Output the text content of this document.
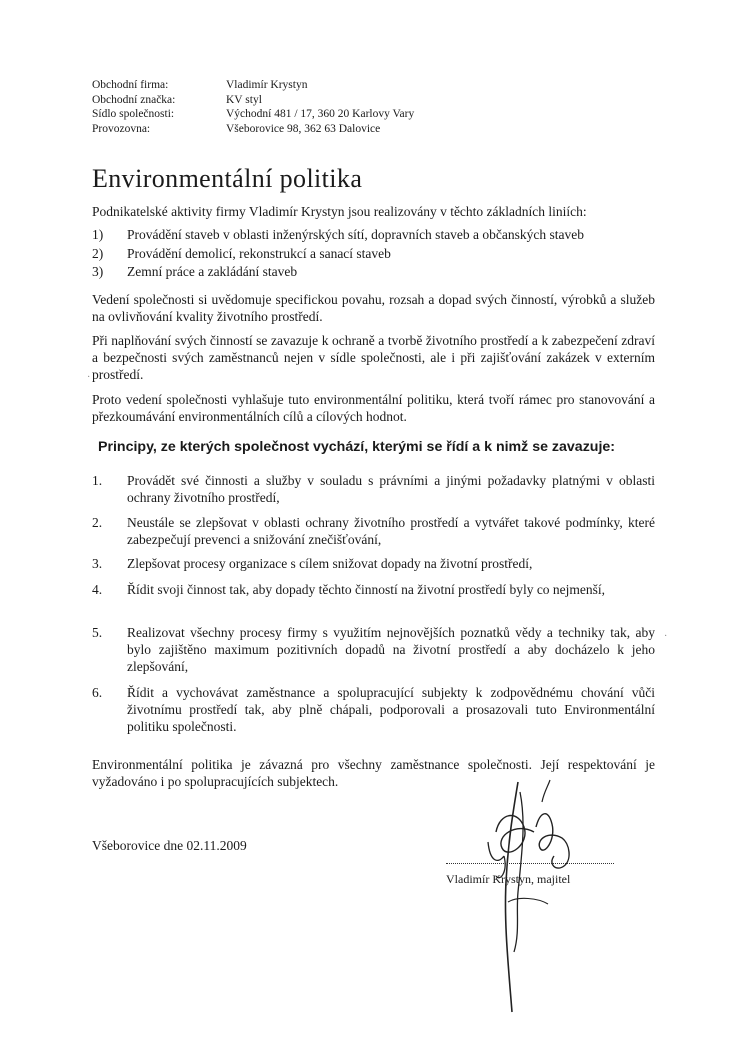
Obchodní firma:	Vladimír Krystyn
Obchodní značka:	KV styl
Sídlo společnosti:	Východní 481 / 17, 360 20 Karlovy Vary
Provozovna:	Všeborovice 98, 362 63 Dalovice
Environmentální politika

Podnikatelské aktivity firmy Vladimír Krystyn jsou realizovány v těchto základních liniích:

1)	Provádění staveb v oblasti inženýrských sítí, dopravních staveb a občanských staveb
2)	Provádění demolicí, rekonstrukcí a sanací staveb
3)	Zemní práce a zakládání staveb

Vedení společnosti si uvědomuje specifickou povahu, rozsah a dopad svých činností, výrobků a služeb na ovlivňování kvality životního prostředí.

Při naplňování svých činností se zavazuje k ochraně a tvorbě životního prostředí a k zabezpečení zdraví a bezpečnosti svých zaměstnanců nejen v sídle společnosti, ale i při zajišťování zakázek v externím prostředí.

Proto vedení společnosti vyhlašuje tuto environmentální politiku, která tvoří rámec pro stanovování a přezkoumávání environmentálních cílů a cílových hodnot.

Principy, ze kterých společnost vychází, kterými se řídí a k nimž se zavazuje:
1.	Provádět své činnosti a služby v souladu s právními a jinými požadavky platnými v oblasti ochrany životního prostředí,
2.	Neustále se zlepšovat v oblasti ochrany životního prostředí a vytvářet takové podmínky, které zabezpečují prevenci a snižování znečišťování,
3.	Zlepšovat procesy organizace s cílem snižovat dopady na životní prostředí,
4.	Řídit svoji činnost tak, aby dopady těchto činností na životní prostředí byly co nejmenší,
5.	Realizovat všechny procesy firmy s využitím nejnovějších poznatků vědy a techniky tak, aby bylo zajištěno maximum pozitivních dopadů na životní prostředí a aby docházelo k jeho zlepšování,
6.	Řídit a vychovávat zaměstnance a spolupracující subjekty k zodpovědnému chování vůči životnímu prostředí tak, aby plně chápali, podporovali a prosazovali tuto Environmentální politiku společnosti.

Environmentální politika je závazná pro všechny zaměstnance společnosti. Její respektování je vyžadováno i po spolupracujících subjektech.

Všeborovice dne 02.11.2009
Vladimír Krystyn, majitel
·
·
